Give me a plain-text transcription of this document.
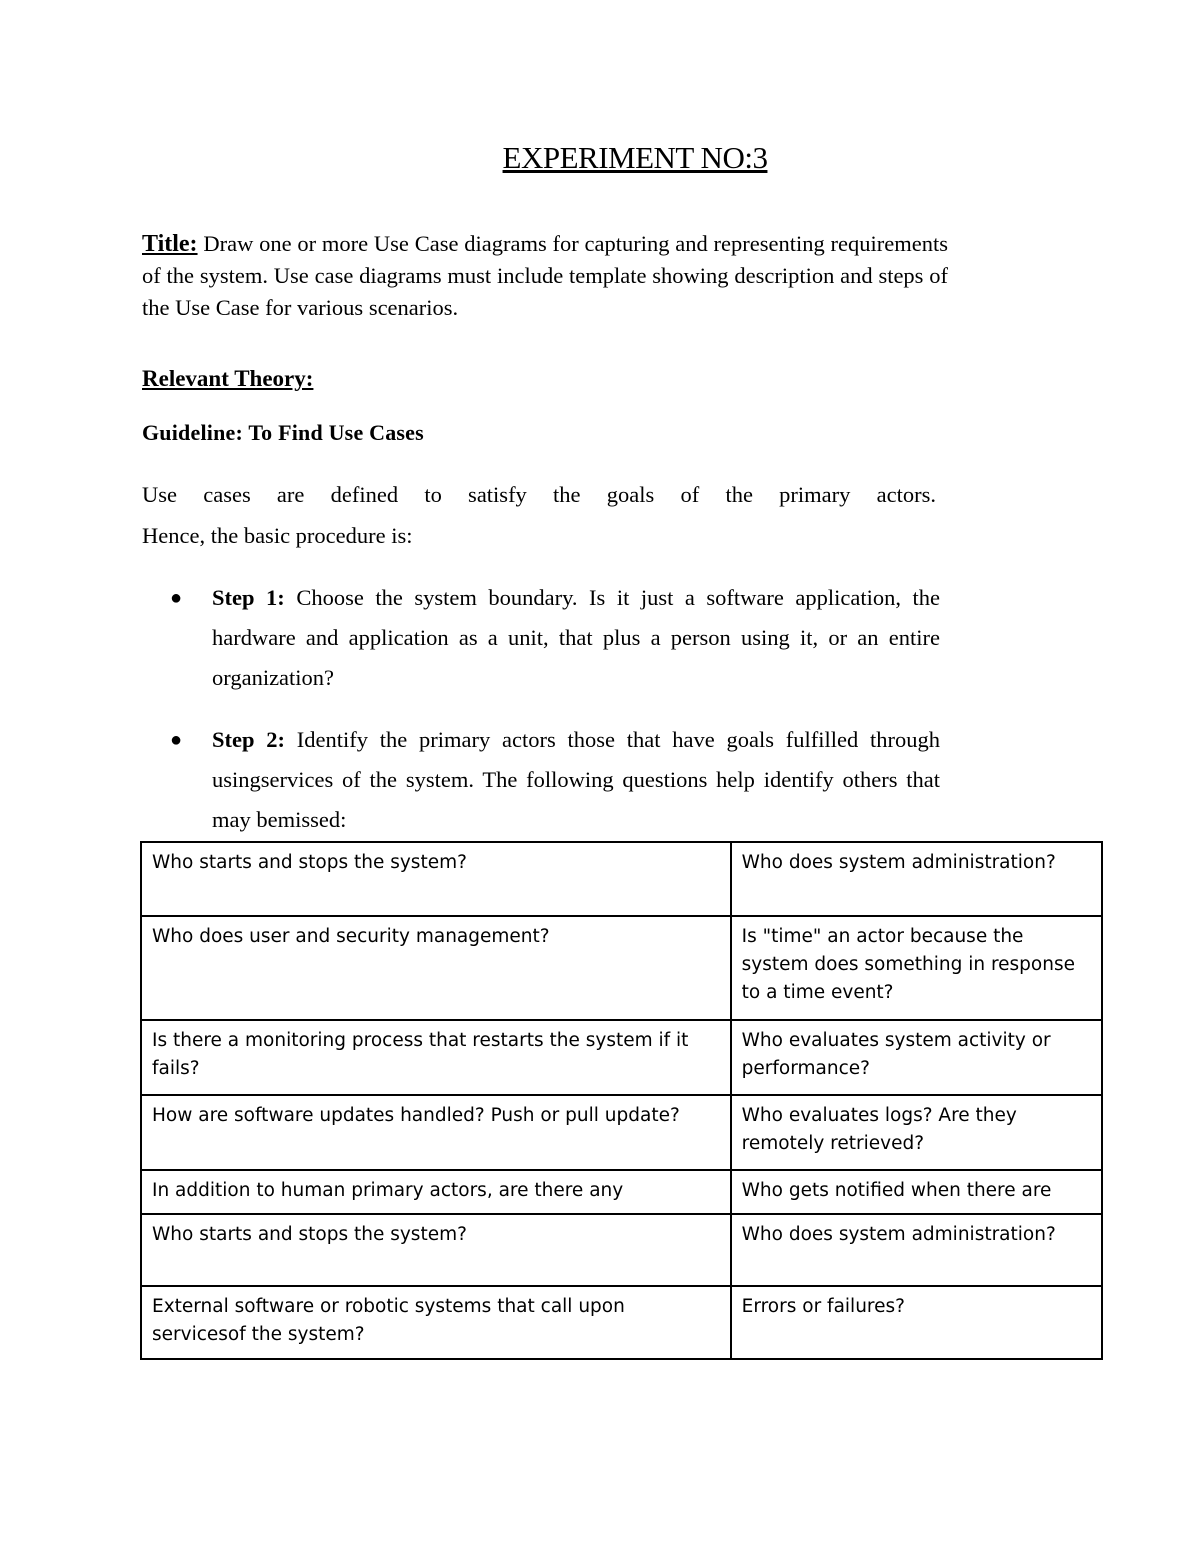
EXPERIMENT NO:3

Title: Draw one or more Use Case diagrams for capturing and representing requirements of the system. Use case diagrams must include template showing description and steps of the Use Case for various scenarios.

Relevant Theory:
Guideline: To Find Use Cases
Use cases are defined to satisfy the goals of the primary actors.
Hence, the basic procedure is:
● Step 1: Choose the system boundary. Is it just a software application, the hardware and application as a unit, that plus a person using it, or an entire organization?
● Step 2: Identify the primary actors those that have goals fulfilled through usingservices of the system. The following questions help identify others that may bemissed:
Who starts and stops the system?	Who does system administration?
Who does user and security management?	Is "time" an actor because the system does something in response to a time event?
Is there a monitoring process that restarts the system if it fails?	Who evaluates system activity or performance?
How are software updates handled? Push or pull update?	Who evaluates logs? Are they remotely retrieved?
In addition to human primary actors, are there any	Who gets notified when there are
Who starts and stops the system?	Who does system administration?
External software or robotic systems that call upon servicesof the system?	Errors or failures?
